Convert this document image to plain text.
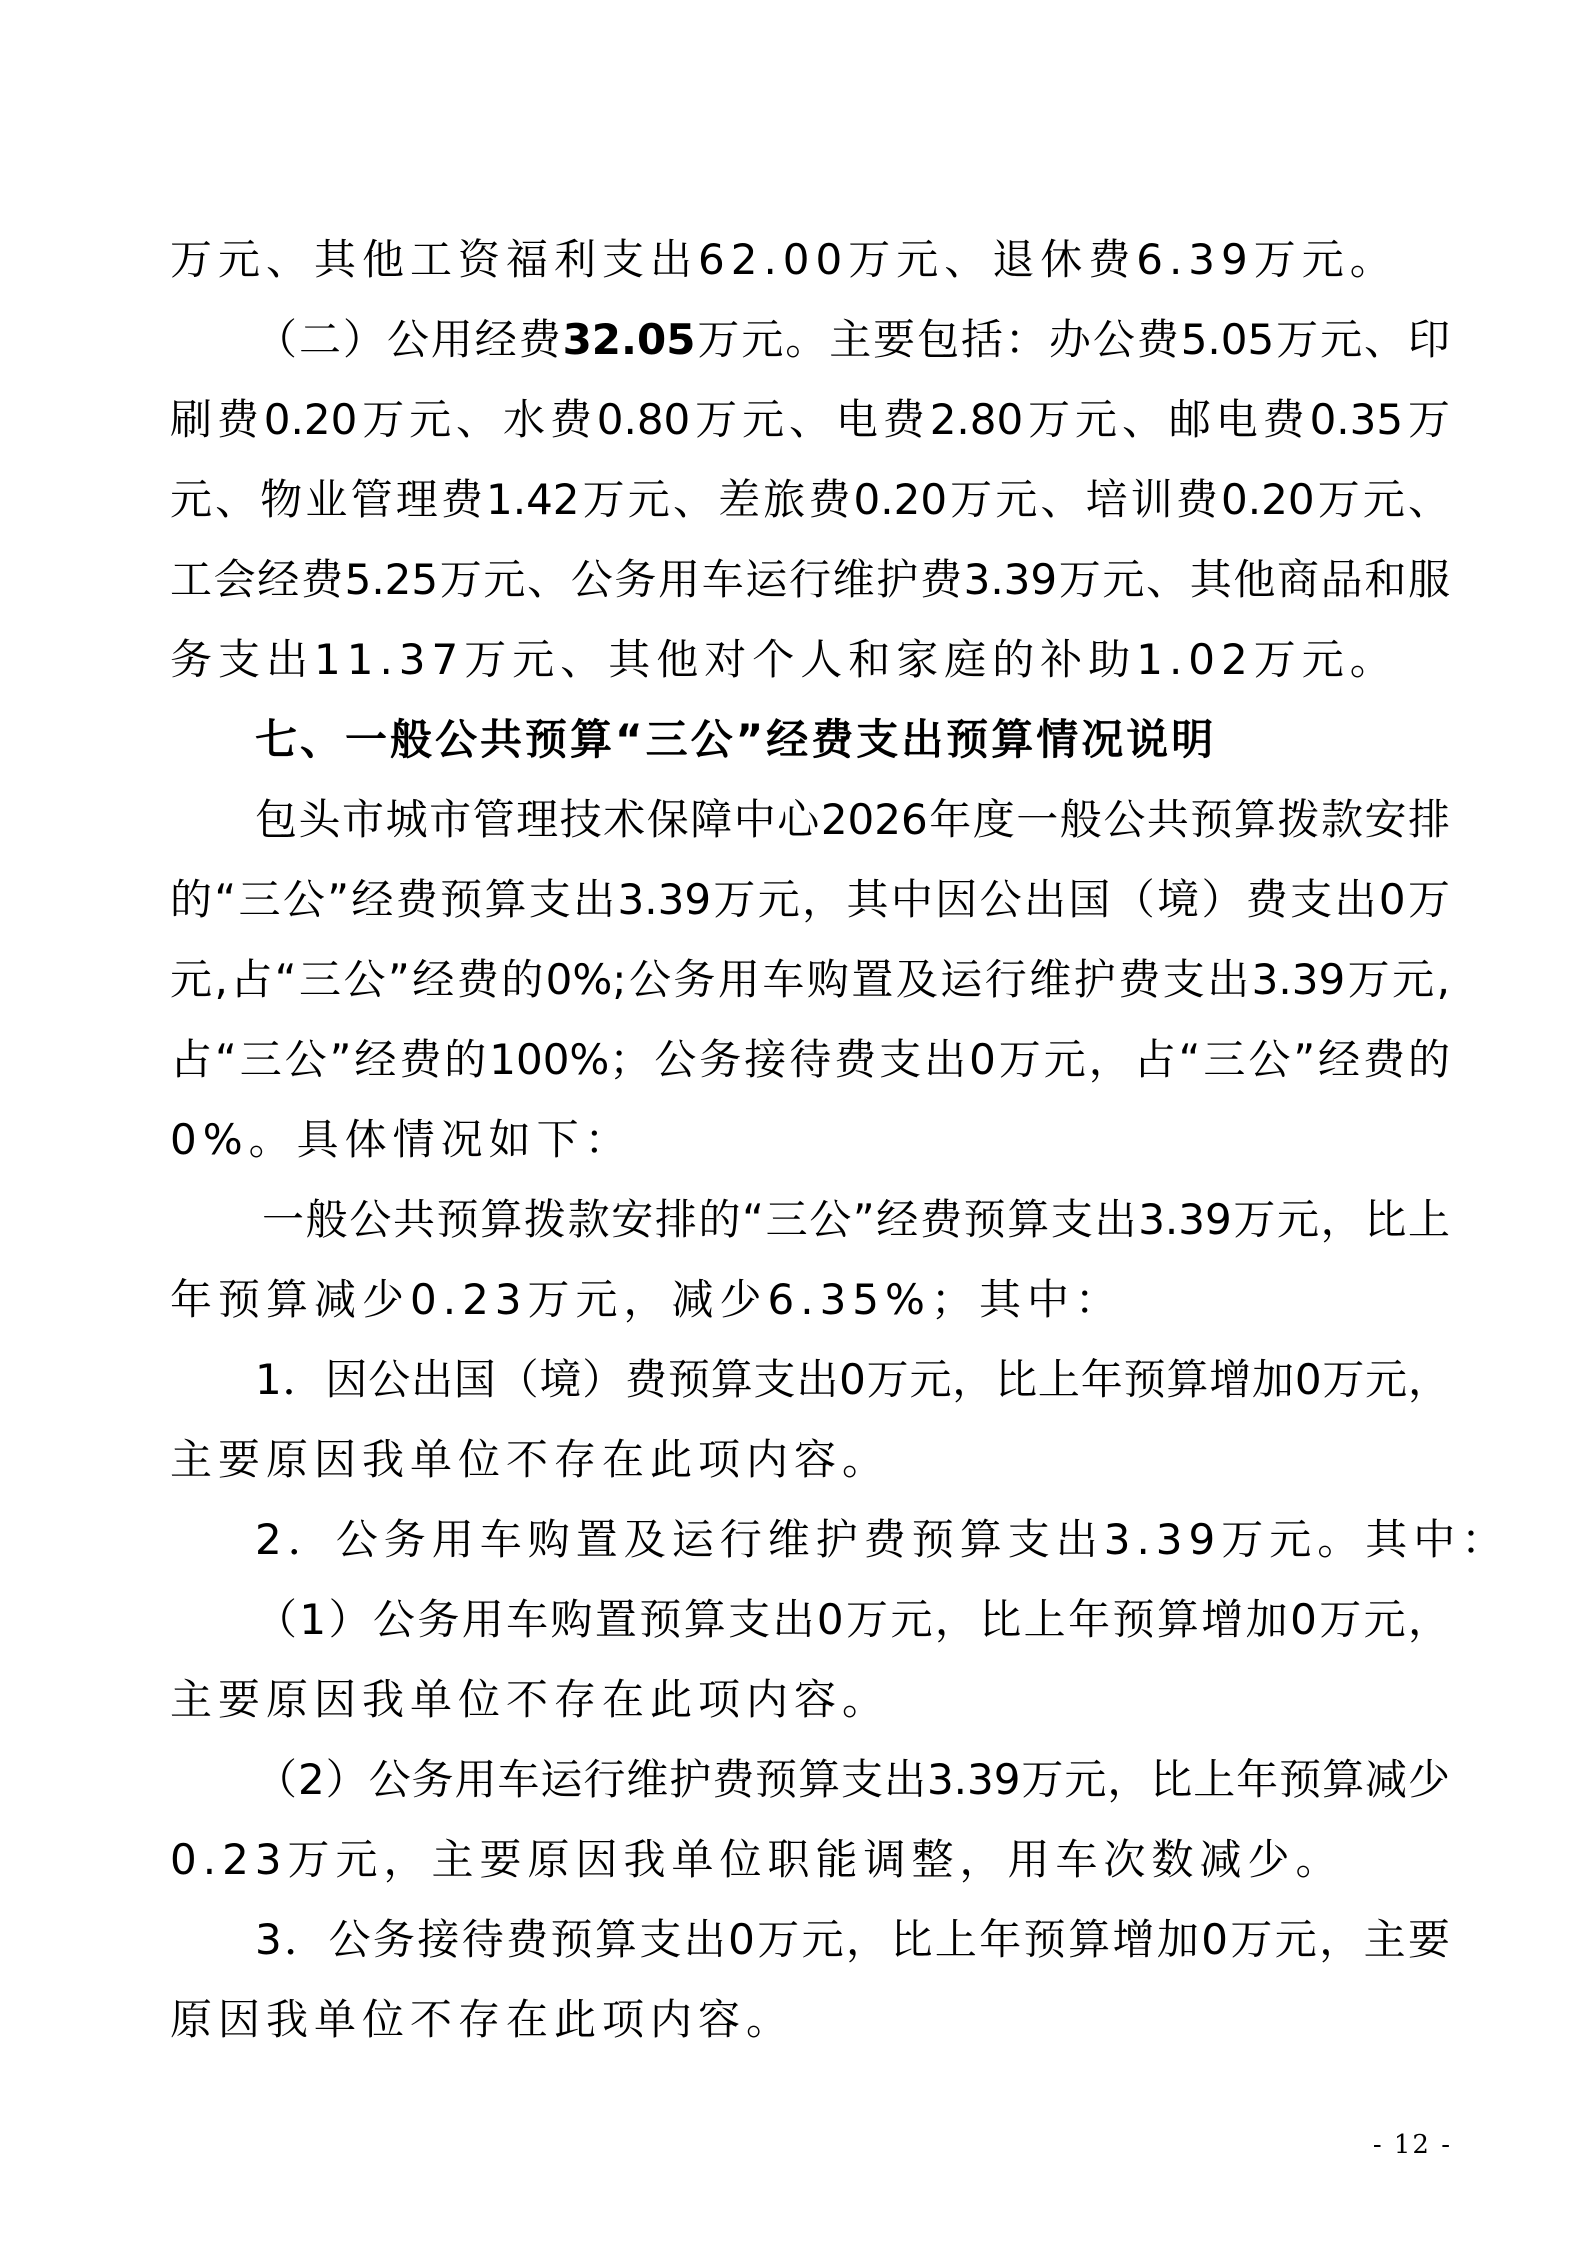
万元、其他工资福利支出62.00万元、退休费6.39万元。
（二）公用经费32.05万元。主要包括：办公费5.05万元、印
刷费0.20万元、水费0.80万元、电费2.80万元、邮电费0.35万
元、物业管理费1.42万元、差旅费0.20万元、培训费0.20万元、
工会经费5.25万元、公务用车运行维护费3.39万元、其他商品和服
务支出11.37万元、其他对个人和家庭的补助1.02万元。
七、一般公共预算“三公”经费支出预算情况说明
包头市城市管理技术保障中心2026年度一般公共预算拨款安排
的“三公”经费预算支出3.39万元，其中因公出国（境）费支出0万
元,占“三公”经费的0%;公务用车购置及运行维护费支出3.39万元,
占“三公”经费的100%；公务接待费支出0万元，占“三公”经费的
0%。具体情况如下：
一般公共预算拨款安排的“三公”经费预算支出3.39万元，比上
年预算减少0.23万元，减少6.35%；其中：
1．因公出国（境）费预算支出0万元，比上年预算增加0万元，
主要原因我单位不存在此项内容。
2．公务用车购置及运行维护费预算支出3.39万元。其中：
（1）公务用车购置预算支出0万元，比上年预算增加0万元，
主要原因我单位不存在此项内容。
（2）公务用车运行维护费预算支出3.39万元，比上年预算减少
0.23万元，主要原因我单位职能调整，用车次数减少。
3．公务接待费预算支出0万元，比上年预算增加0万元，主要
原因我单位不存在此项内容。
- 12 -
